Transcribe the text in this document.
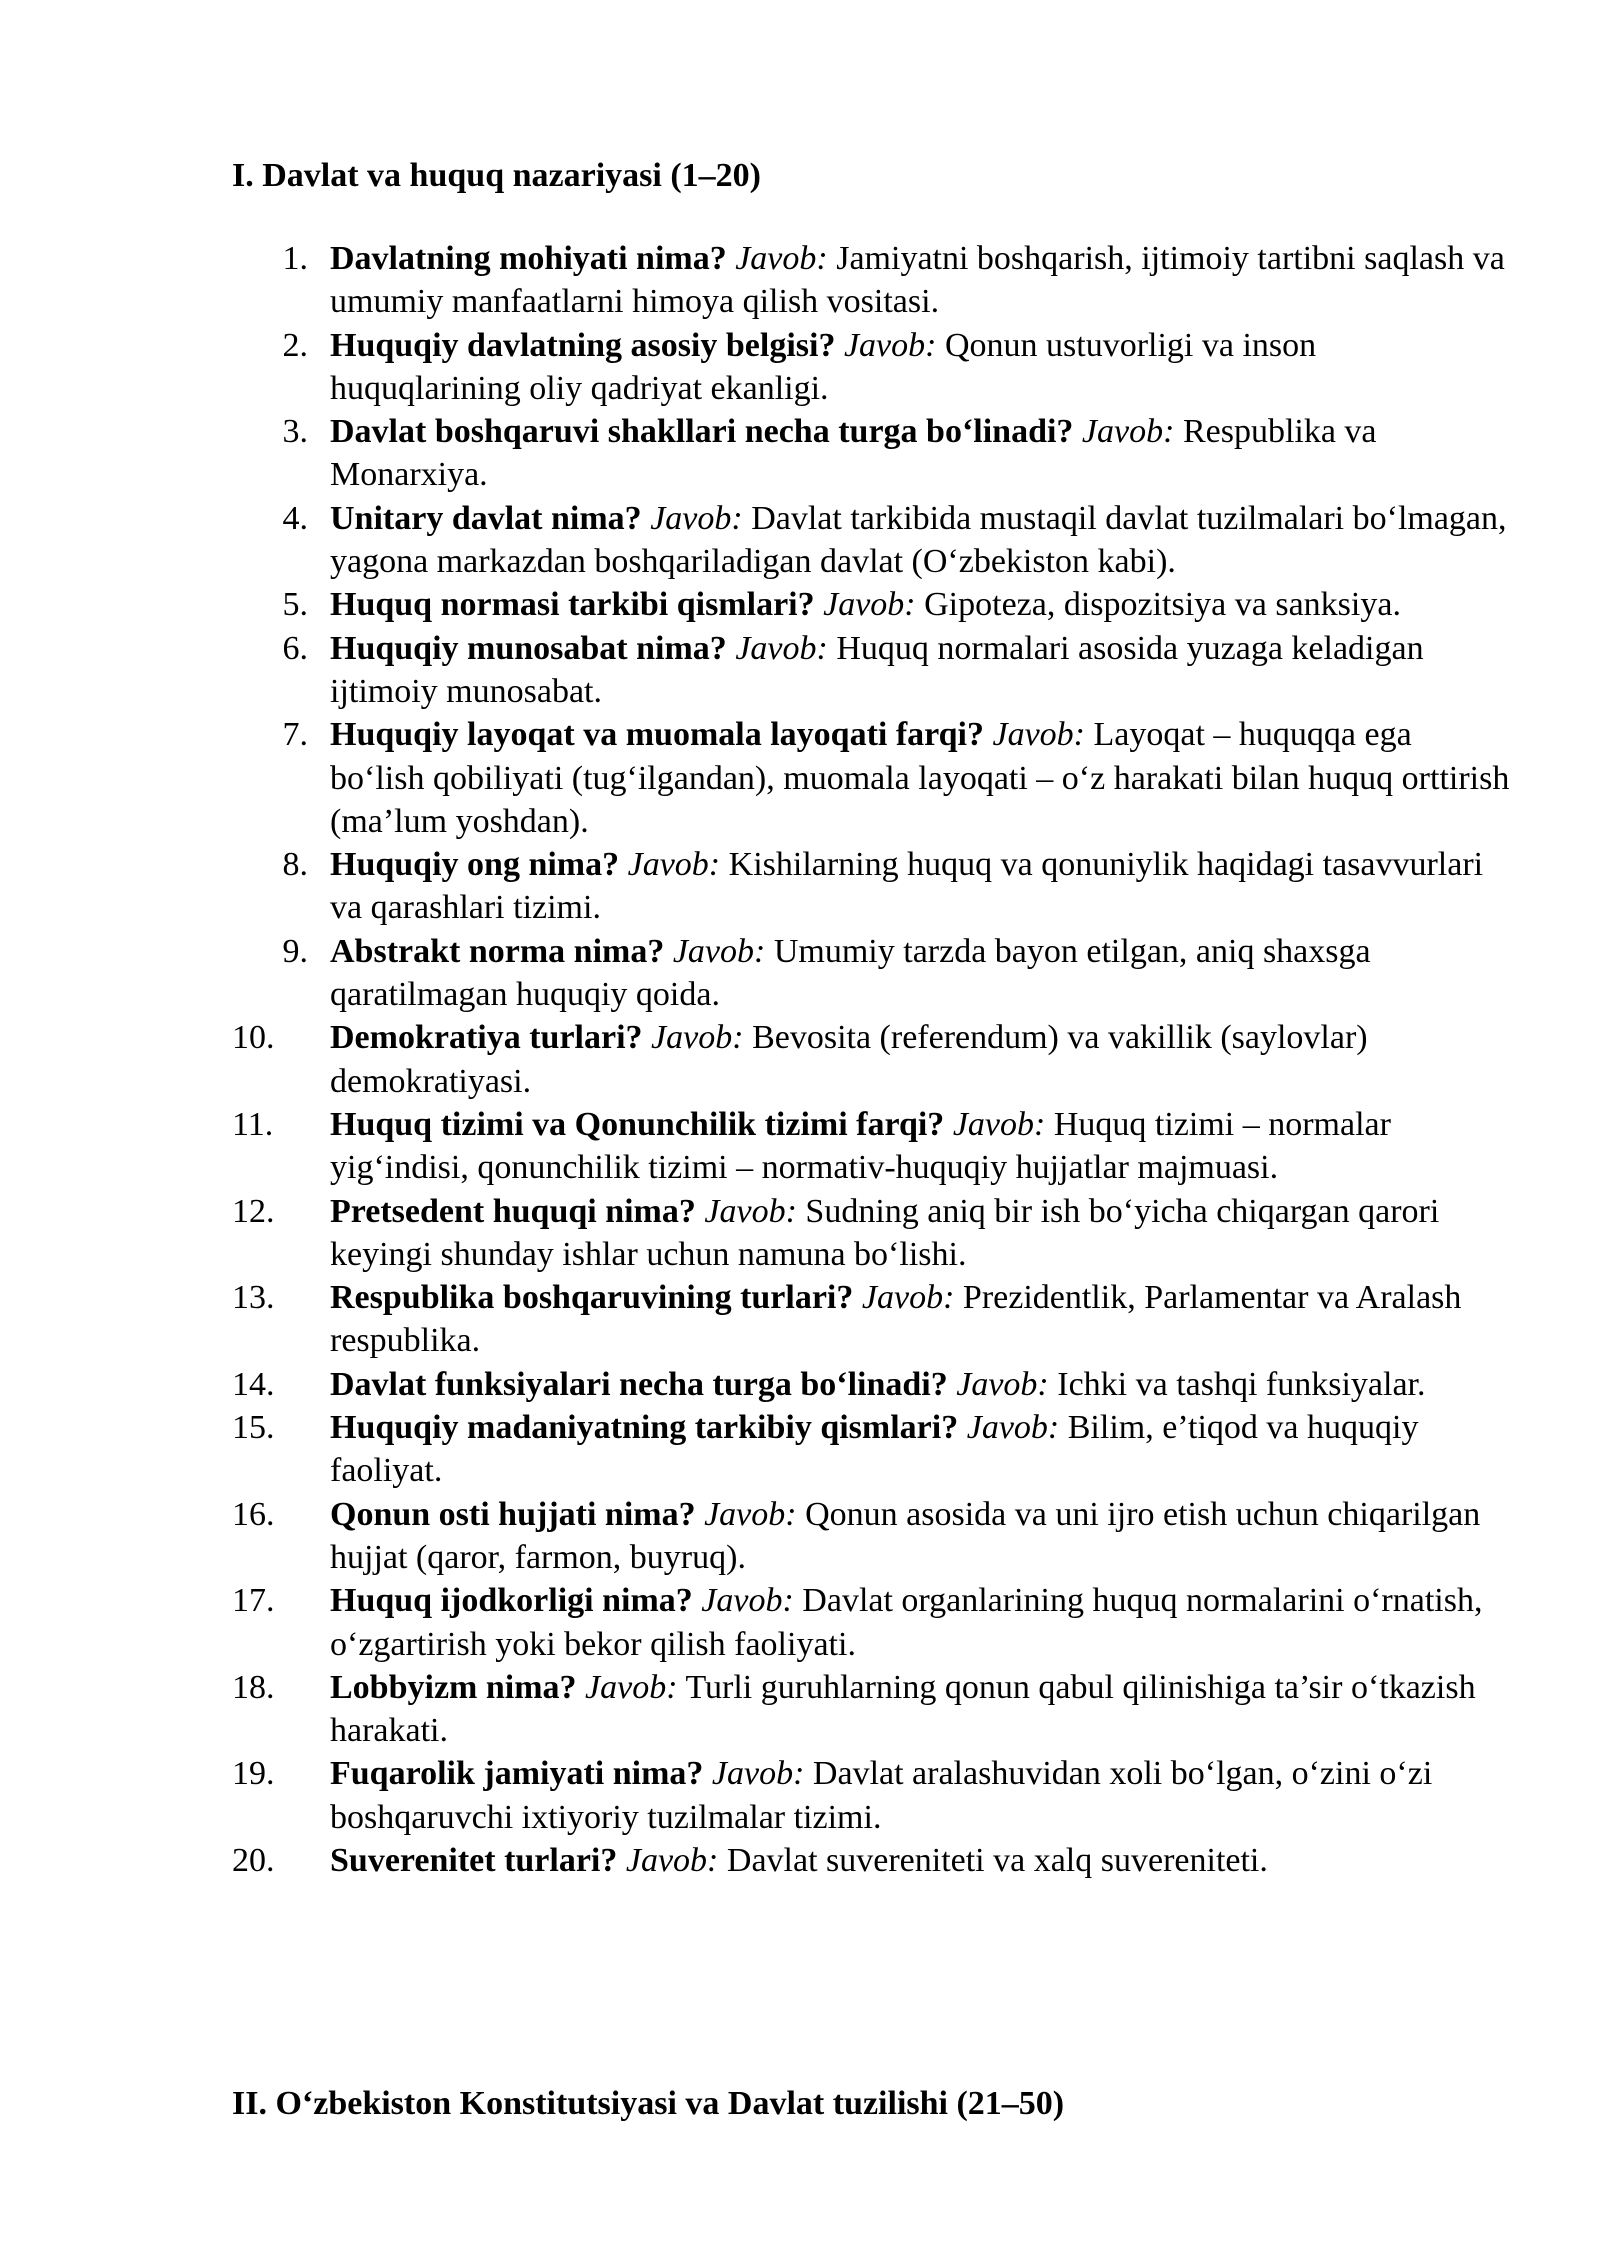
I. Davlat va huquq nazariyasi (1–20)
1. Davlatning mohiyati nima? Javob: Jamiyatni boshqarish, ijtimoiy tartibni saqlash va umumiy manfaatlarni himoya qilish vositasi.
2. Huquqiy davlatning asosiy belgisi? Javob: Qonun ustuvorligi va inson huquqlarining oliy qadriyat ekanligi.
3. Davlat boshqaruvi shakllari necha turga bo‘linadi? Javob: Respublika va Monarxiya.
4. Unitary davlat nima? Javob: Davlat tarkibida mustaqil davlat tuzilmalari bo‘lmagan, yagona markazdan boshqariladigan davlat (O‘zbekiston kabi).
5. Huquq normasi tarkibi qismlari? Javob: Gipoteza, dispozitsiya va sanksiya.
6. Huquqiy munosabat nima? Javob: Huquq normalari asosida yuzaga keladigan ijtimoiy munosabat.
7. Huquqiy layoqat va muomala layoqati farqi? Javob: Layoqat – huquqqa ega bo‘lish qobiliyati (tug‘ilgandan), muomala layoqati – o‘z harakati bilan huquq orttirish (ma’lum yoshdan).
8. Huquqiy ong nima? Javob: Kishilarning huquq va qonuniylik haqidagi tasavvurlari va qarashlari tizimi.
9. Abstrakt norma nima? Javob: Umumiy tarzda bayon etilgan, aniq shaxsga qaratilmagan huquqiy qoida.
10.	Demokratiya turlari? Javob: Bevosita (referendum) va vakillik (saylovlar) demokratiyasi.
11.	Huquq tizimi va Qonunchilik tizimi farqi? Javob: Huquq tizimi – normalar yig‘indisi, qonunchilik tizimi – normativ-huquqiy hujjatlar majmuasi.
12.	Pretsedent huquqi nima? Javob: Sudning aniq bir ish bo‘yicha chiqargan qarori keyingi shunday ishlar uchun namuna bo‘lishi.
13.	Respublika boshqaruvining turlari? Javob: Prezidentlik, Parlamentar va Aralash respublika.
14.	Davlat funksiyalari necha turga bo‘linadi? Javob: Ichki va tashqi funksiyalar.
15.	Huquqiy madaniyatning tarkibiy qismlari? Javob: Bilim, e’tiqod va huquqiy faoliyat.
16.	Qonun osti hujjati nima? Javob: Qonun asosida va uni ijro etish uchun chiqarilgan hujjat (qaror, farmon, buyruq).
17.	Huquq ijodkorligi nima? Javob: Davlat organlarining huquq normalarini o‘rnatish, o‘zgartirish yoki bekor qilish faoliyati.
18.	Lobbyizm nima? Javob: Turli guruhlarning qonun qabul qilinishiga ta’sir o‘tkazish harakati.
19.	Fuqarolik jamiyati nima? Javob: Davlat aralashuvidan xoli bo‘lgan, o‘zini o‘zi boshqaruvchi ixtiyoriy tuzilmalar tizimi.
20.	Suverenitet turlari? Javob: Davlat suvereniteti va xalq suvereniteti.
II. O‘zbekiston Konstitutsiyasi va Davlat tuzilishi (21–50)
